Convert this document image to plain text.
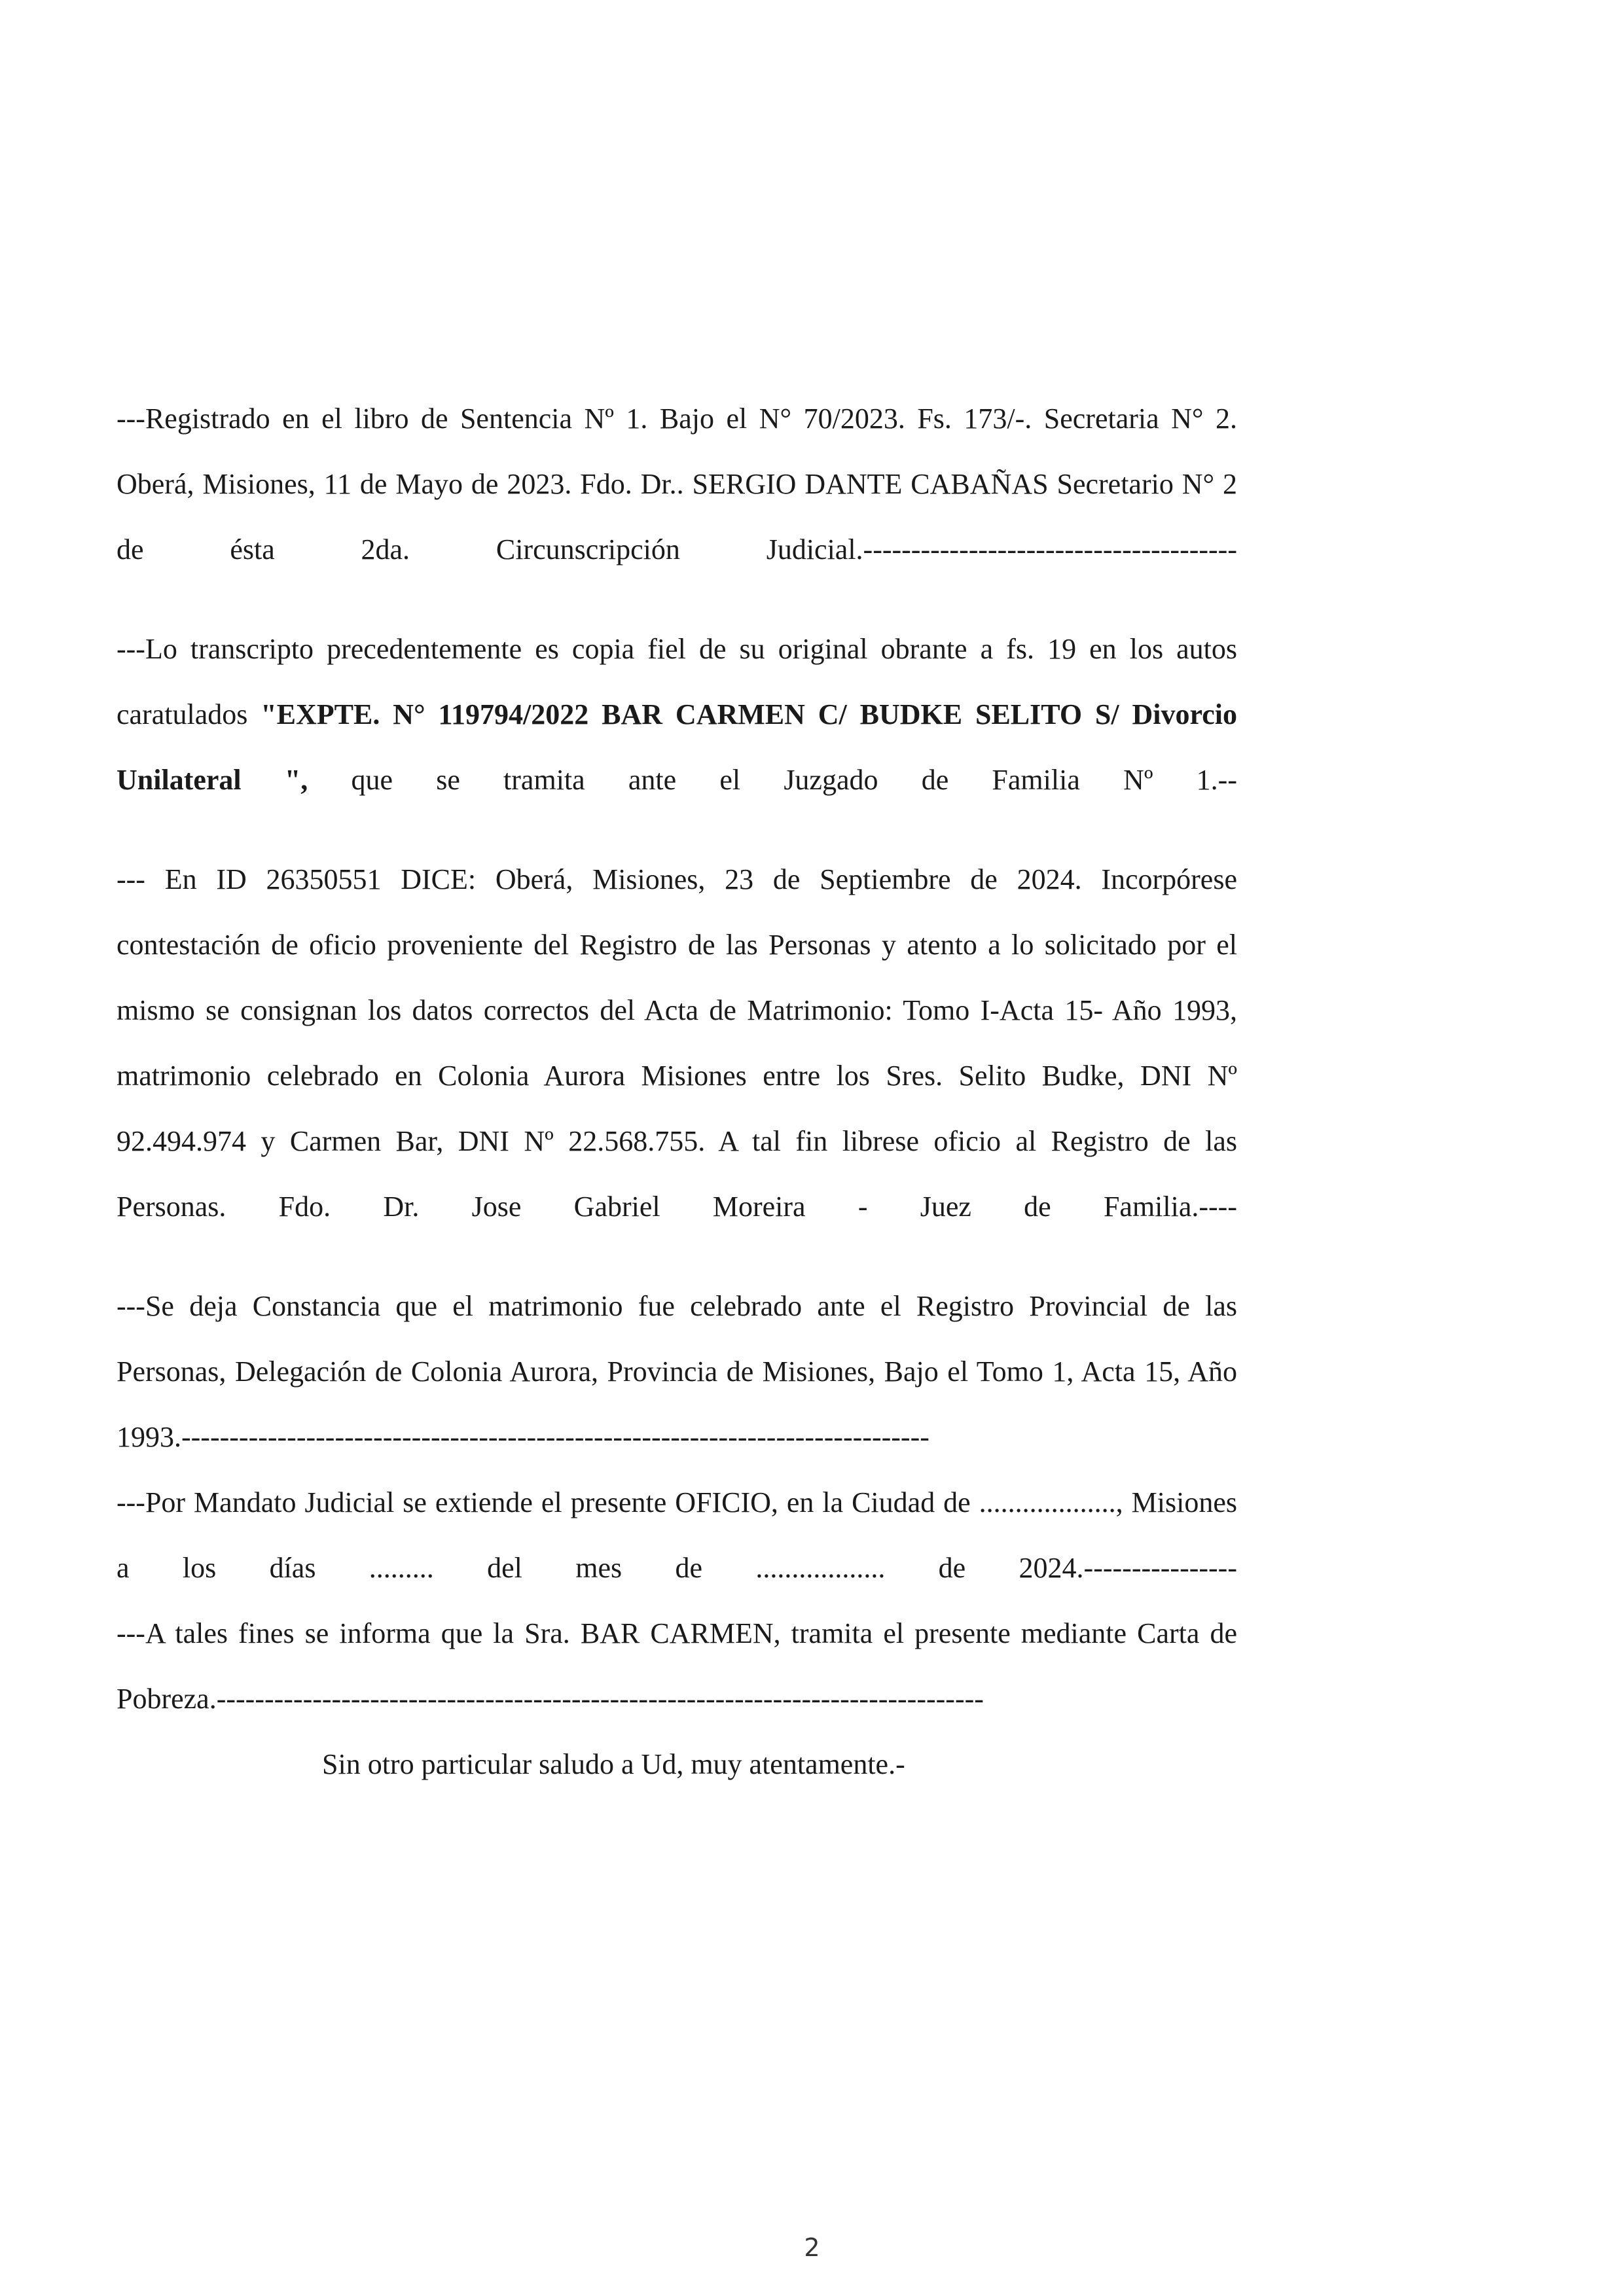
---Registrado en el libro de Sentencia Nº 1. Bajo el N° 70/2023. Fs. 173/-. Secretaria N° 2. Oberá, Misiones, 11 de Mayo de 2023. Fdo. Dr.. SERGIO DANTE CABAÑAS Secretario N° 2 de ésta 2da. Circunscripción Judicial.---------------------------------------

---Lo transcripto precedentemente es copia fiel de su original obrante a fs. 19 en los autos caratulados "EXPTE. N° 119794/2022 BAR CARMEN C/ BUDKE SELITO S/ Divorcio Unilateral ", que se tramita ante el Juzgado de Familia Nº 1.--

--- En ID 26350551 DICE: Oberá, Misiones, 23 de Septiembre de 2024. Incorpórese contestación de oficio proveniente del Registro de las Personas y atento a lo solicitado por el mismo se consignan los datos correctos del Acta de Matrimonio: Tomo I-Acta 15- Año 1993, matrimonio celebrado en Colonia Aurora Misiones entre los Sres. Selito Budke, DNI Nº 92.494.974 y Carmen Bar, DNI Nº 22.568.755. A tal fin librese oficio al Registro de las Personas. Fdo. Dr. Jose Gabriel Moreira - Juez de Familia.----

---Se deja Constancia que el matrimonio fue celebrado ante el Registro Provincial de las Personas, Delegación de Colonia Aurora, Provincia de Misiones, Bajo el Tomo 1, Acta 15, Año 1993.------------------------------------------------------------------------------

---Por Mandato Judicial se extiende el presente OFICIO, en la Ciudad de ..................., Misiones a los días ......... del mes de .................. de 2024.----------------

---A tales fines se informa que la Sra. BAR CARMEN, tramita el presente mediante Carta de Pobreza.--------------------------------------------------------------------------------

Sin otro particular saludo a Ud, muy atentamente.-

2
